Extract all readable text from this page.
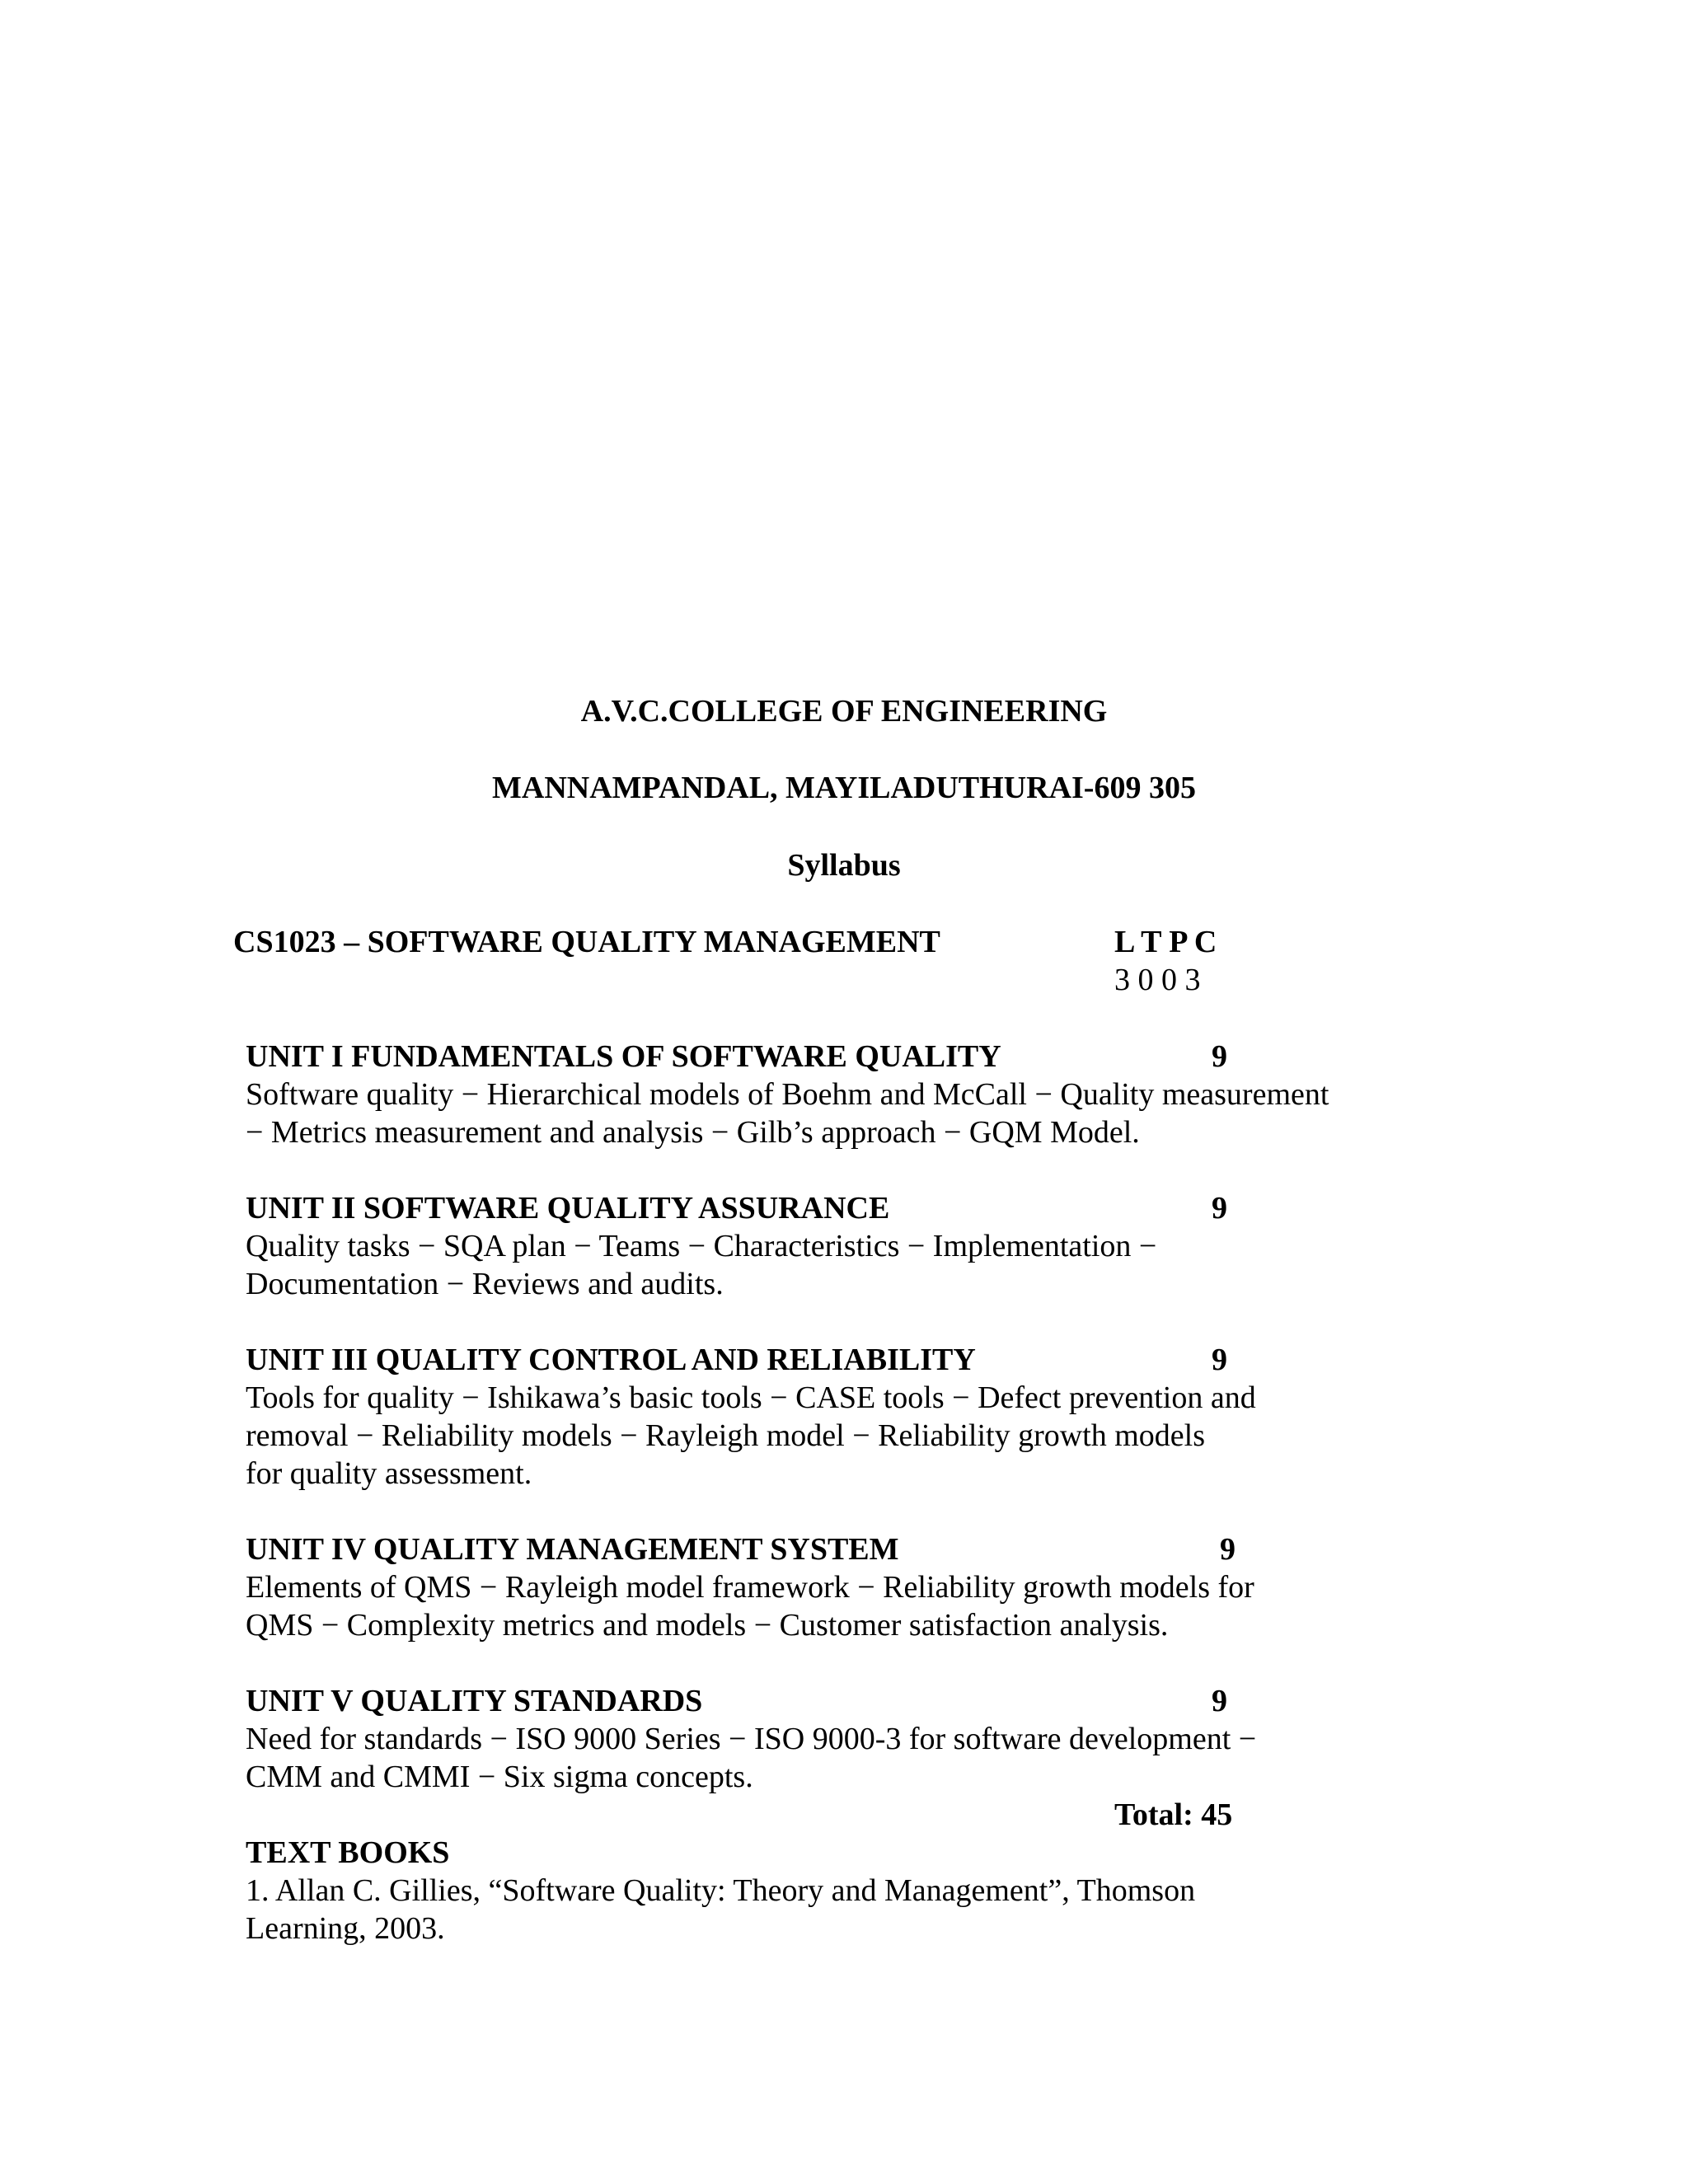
A.V.C.COLLEGE OF ENGINEERING
MANNAMPANDAL, MAYILADUTHURAI-609 305
Syllabus
CS1023 – SOFTWARE QUALITY MANAGEMENT	L T P C
3 0 0 3
UNIT I FUNDAMENTALS OF SOFTWARE QUALITY	9
Software quality − Hierarchical models of Boehm and McCall − Quality measurement
− Metrics measurement and analysis − Gilb’s approach − GQM Model.
UNIT II SOFTWARE QUALITY ASSURANCE	9
Quality tasks − SQA plan − Teams − Characteristics − Implementation −
Documentation − Reviews and audits.
UNIT III QUALITY CONTROL AND RELIABILITY	9
Tools for quality − Ishikawa’s basic tools − CASE tools − Defect prevention and
removal − Reliability models − Rayleigh model − Reliability growth models
for quality assessment.
UNIT IV QUALITY MANAGEMENT SYSTEM	9
Elements of QMS − Rayleigh model framework − Reliability growth models for
QMS − Complexity metrics and models − Customer satisfaction analysis.
UNIT V QUALITY STANDARDS	9
Need for standards − ISO 9000 Series − ISO 9000-3 for software development −
CMM and CMMI − Six sigma concepts.
Total: 45
TEXT BOOKS
1. Allan C. Gillies, “Software Quality: Theory and Management”, Thomson
Learning, 2003.
